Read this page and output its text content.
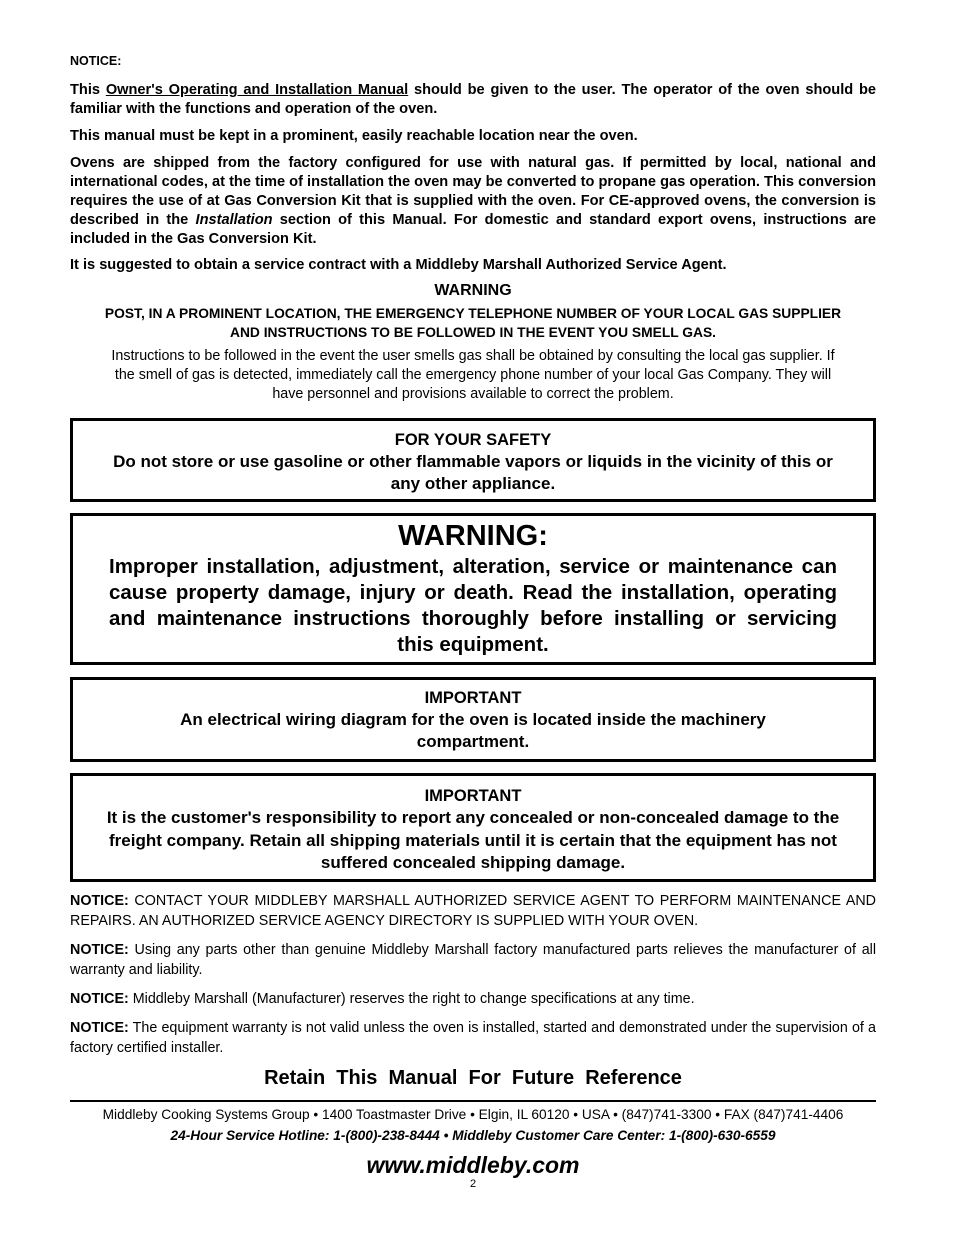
NOTICE:

This Owner's Operating and Installation Manual should be given to the user. The operator of the oven should be familiar with the functions and operation of the oven.

This manual must be kept in a prominent, easily reachable location near the oven.

Ovens are shipped from the factory configured for use with natural gas. If permitted by local, national and international codes, at the time of installation the oven may be converted to propane gas operation. This conversion requires the use of at Gas Conversion Kit that is supplied with the oven. For CE-approved ovens, the conversion is described in the Installation section of this Manual. For domestic and standard export ovens, instructions are included in the Gas Conversion Kit.

It is suggested to obtain a service contract with a Middleby Marshall Authorized Service Agent.

WARNING

POST, IN A PROMINENT LOCATION, THE EMERGENCY TELEPHONE NUMBER OF YOUR LOCAL GAS SUPPLIER AND INSTRUCTIONS TO BE FOLLOWED IN THE EVENT YOU SMELL GAS.

Instructions to be followed in the event the user smells gas shall be obtained by consulting the local gas supplier. If the smell of gas is detected, immediately call the emergency phone number of your local Gas Company. They will have personnel and provisions available to correct the problem.

FOR YOUR SAFETY

Do not store or use gasoline or other flammable vapors or liquids in the vicinity of this or any other appliance.

WARNING:

Improper installation, adjustment, alteration, service or maintenance can cause property damage, injury or death. Read the installation, operating and maintenance instructions thoroughly before installing or servicing this equipment.

IMPORTANT

An electrical wiring diagram for the oven is located inside the machinery compartment.

IMPORTANT

It is the customer's responsibility to report any concealed or non-concealed damage to the freight company. Retain all shipping materials until it is certain that the equipment has not suffered concealed shipping damage.

NOTICE: CONTACT YOUR MIDDLEBY MARSHALL AUTHORIZED SERVICE AGENT TO PERFORM MAINTENANCE AND REPAIRS. AN AUTHORIZED SERVICE AGENCY DIRECTORY IS SUPPLIED WITH YOUR OVEN.

NOTICE: Using any parts other than genuine Middleby Marshall factory manufactured parts relieves the manufacturer of all warranty and liability.

NOTICE: Middleby Marshall (Manufacturer) reserves the right to change specifications at any time.

NOTICE: The equipment warranty is not valid unless the oven is installed, started and demonstrated under the supervision of a factory certified installer.

Retain  This  Manual  For  Future  Reference

Middleby Cooking Systems Group • 1400 Toastmaster Drive • Elgin, IL 60120 • USA • (847)741-3300 • FAX (847)741-4406

24-Hour Service Hotline: 1-(800)-238-8444 • Middleby Customer Care Center: 1-(800)-630-6559

www.middleby.com

2
